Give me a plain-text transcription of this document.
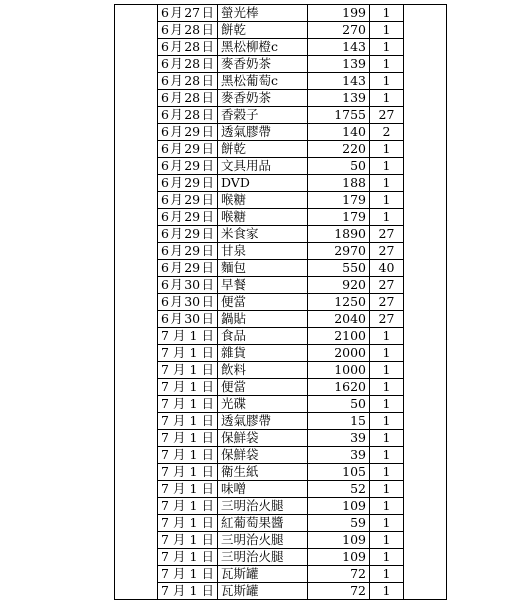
	6月27日	螢光棒	199	1	
	6月28日	餅乾	270	1	
	6月28日	黑松柳橙c	143	1	
	6月28日	麥香奶茶	139	1	
	6月28日	黑松葡萄c	143	1	
	6月28日	麥香奶茶	139	1	
	6月28日	香榖子	1755	27	
	6月29日	透氣膠帶	140	2	
	6月29日	餅乾	220	1	
	6月29日	文具用品	50	1	
	6月29日	DVD	188	1	
	6月29日	喉糖	179	1	
	6月29日	喉糖	179	1	
	6月29日	米食家	1890	27	
	6月29日	甘泉	2970	27	
	6月29日	麵包	550	40	
	6月30日	早餐	920	27	
	6月30日	便當	1250	27	
	6月30日	鍋貼	2040	27	
	7月1日	食品	2100	1	
	7月1日	雜貨	2000	1	
	7月1日	飲料	1000	1	
	7月1日	便當	1620	1	
	7月1日	光碟	50	1	
	7月1日	透氣膠帶	15	1	
	7月1日	保鮮袋	39	1	
	7月1日	保鮮袋	39	1	
	7月1日	衛生紙	105	1	
	7月1日	味噌	52	1	
	7月1日	三明治火腿	109	1	
	7月1日	紅葡萄果醬	59	1	
	7月1日	三明治火腿	109	1	
	7月1日	三明治火腿	109	1	
	7月1日	瓦斯罐	72	1	
	7月1日	瓦斯罐	72	1	
